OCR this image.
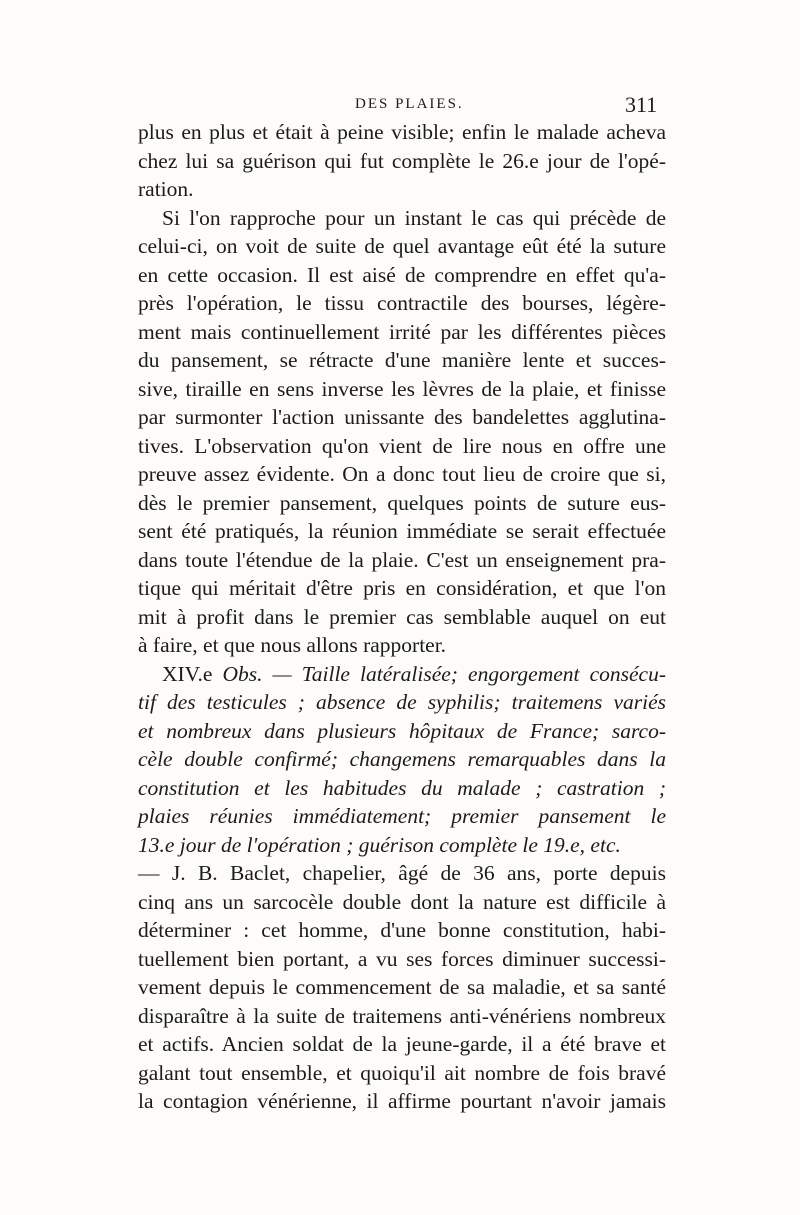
DES PLAIES.	311

plus en plus et était à peine visible; enfin le malade acheva
chez lui sa guérison qui fut complète le 26.e jour de l'opé-
ration.

Si l'on rapproche pour un instant le cas qui précède de
celui-ci, on voit de suite de quel avantage eût été la suture
en cette occasion. Il est aisé de comprendre en effet qu'a-
près l'opération, le tissu contractile des bourses, légère-
ment mais continuellement irrité par les différentes pièces
du pansement, se rétracte d'une manière lente et succes-
sive, tiraille en sens inverse les lèvres de la plaie, et finisse
par surmonter l'action unissante des bandelettes agglutina-
tives. L'observation qu'on vient de lire nous en offre une
preuve assez évidente. On a donc tout lieu de croire que si,
dès le premier pansement, quelques points de suture eus-
sent été pratiqués, la réunion immédiate se serait effectuée
dans toute l'étendue de la plaie. C'est un enseignement pra-
tique qui méritait d'être pris en considération, et que l'on
mit à profit dans le premier cas semblable auquel on eut
à faire, et que nous allons rapporter.

XIV.e Obs. — Taille latéralisée; engorgement consécu-
tif des testicules ; absence de syphilis; traitemens variés
et nombreux dans plusieurs hôpitaux de France; sarco-
cèle double confirmé; changemens remarquables dans la
constitution et les habitudes du malade ; castration ;
plaies réunies immédiatement; premier pansement le
13.e jour de l'opération ; guérison complète le 19.e, etc.

— J. B. Baclet, chapelier, âgé de 36 ans, porte depuis
cinq ans un sarcocèle double dont la nature est difficile à
déterminer : cet homme, d'une bonne constitution, habi-
tuellement bien portant, a vu ses forces diminuer successi-
vement depuis le commencement de sa maladie, et sa santé
disparaître à la suite de traitemens anti-vénériens nombreux
et actifs. Ancien soldat de la jeune-garde, il a été brave et
galant tout ensemble, et quoiqu'il ait nombre de fois bravé
la contagion vénérienne, il affirme pourtant n'avoir jamais
